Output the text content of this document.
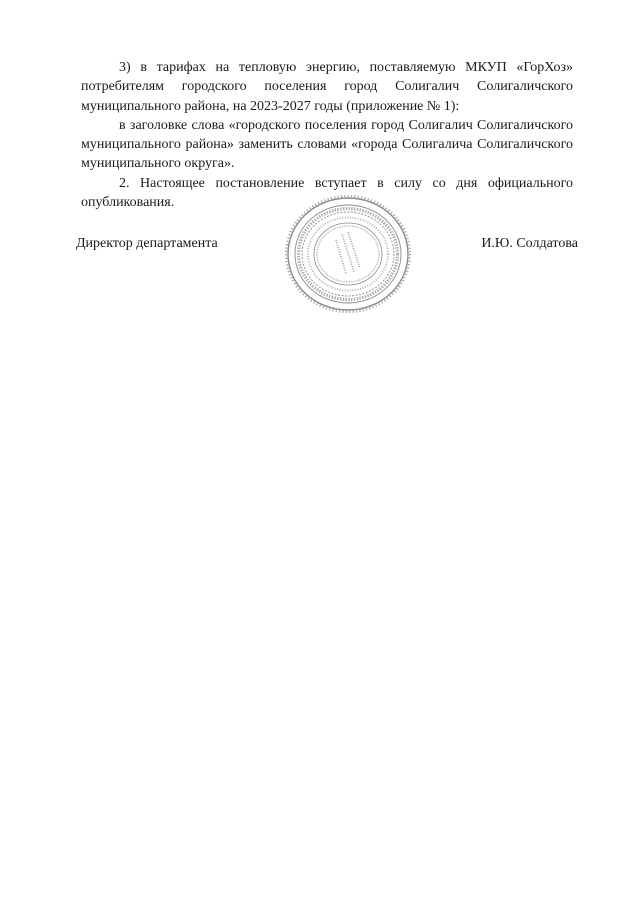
3) в тарифах на тепловую энергию, поставляемую МКУП «ГорХоз» потребителям городского поселения город Солигалич Солигаличского муниципального района, на 2023-2027 годы (приложение № 1):

в заголовке слова «городского поселения город Солигалич Солигаличского муниципального района» заменить словами «города Солигалича Солигаличского муниципального округа».

2. Настоящее постановление вступает в силу со дня официального опубликования.

Директор департамента	И.Ю. Солдатова
